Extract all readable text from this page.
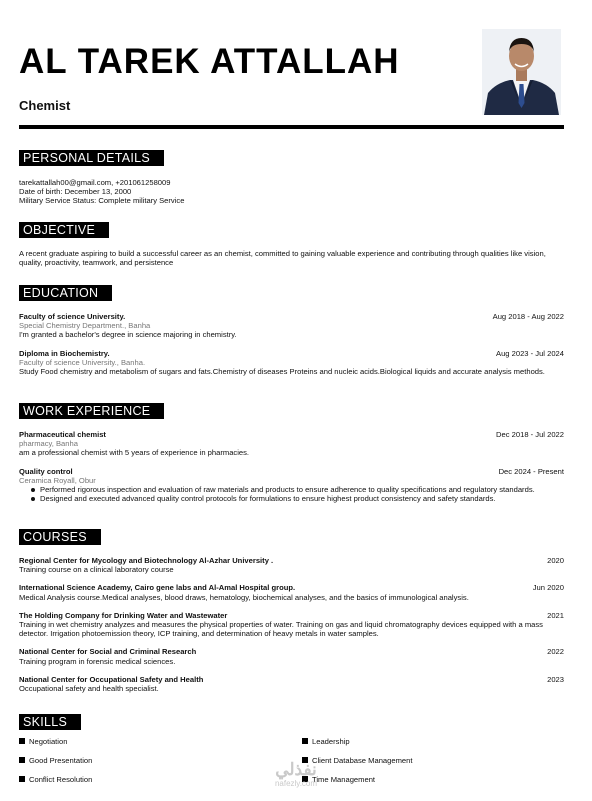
AL TAREK ATTALLAH
Chemist
PERSONAL DETAILS
tarekattallah00@gmail.com, +201061258009
Date of birth: December 13, 2000
Military Service Status: Complete military Service
OBJECTIVE
A recent graduate aspiring to build a successful career as an chemist, committed to gaining valuable experience and contributing through qualities like vision, quality, proactivity, teamwork, and persistence
EDUCATION
Faculty of science University.	Aug 2018 - Aug 2022
Special Chemistry Department., Banha
I'm granted a bachelor's degree in science majoring in chemistry.
Diploma in Biochemistry.	Aug 2023 - Jul 2024
Faculty of science University., Banha.
Study Food chemistry and metabolism of sugars and fats.Chemistry of diseases Proteins and nucleic acids.Biological liquids and accurate analysis methods.
WORK EXPERIENCE
Pharmaceutical chemist	Dec 2018 - Jul 2022
pharmacy, Banha
am a professional chemist with 5 years of experience in pharmacies.
Quality control	Dec 2024 - Present
Ceramica Royall, Obur
Performed rigorous inspection and evaluation of raw materials and products to ensure adherence to quality specifications and regulatory standards.
Designed and executed advanced quality control protocols for formulations to ensure highest product consistency and safety standards.
COURSES
Regional Center for Mycology and Biotechnology Al-Azhar University .	2020
Training course on a clinical laboratory course
International Science Academy, Cairo gene labs and Al-Amal Hospital group.	Jun 2020
Medical Analysis course.Medical analyses, blood draws, hematology, biochemical analyses, and the basics of immunological analysis.
The Holding Company for Drinking Water and Wastewater	2021
Training in wet chemistry analyzes and measures the physical properties of water. Training on gas and liquid chromatography devices equipped with a mass detector. Irrigation photoemission theory, ICP training, and determination of heavy metals in water samples.
National Center for Social and Criminal Research	2022
Training program in forensic medical sciences.
National Center for Occupational Safety and Health	2023
Occupational safety and health specialist.
SKILLS
Negotiation	Leadership
Good Presentation	Client Database Management
Conflict Resolution	Time Management
نفذلي
nafezly.com
